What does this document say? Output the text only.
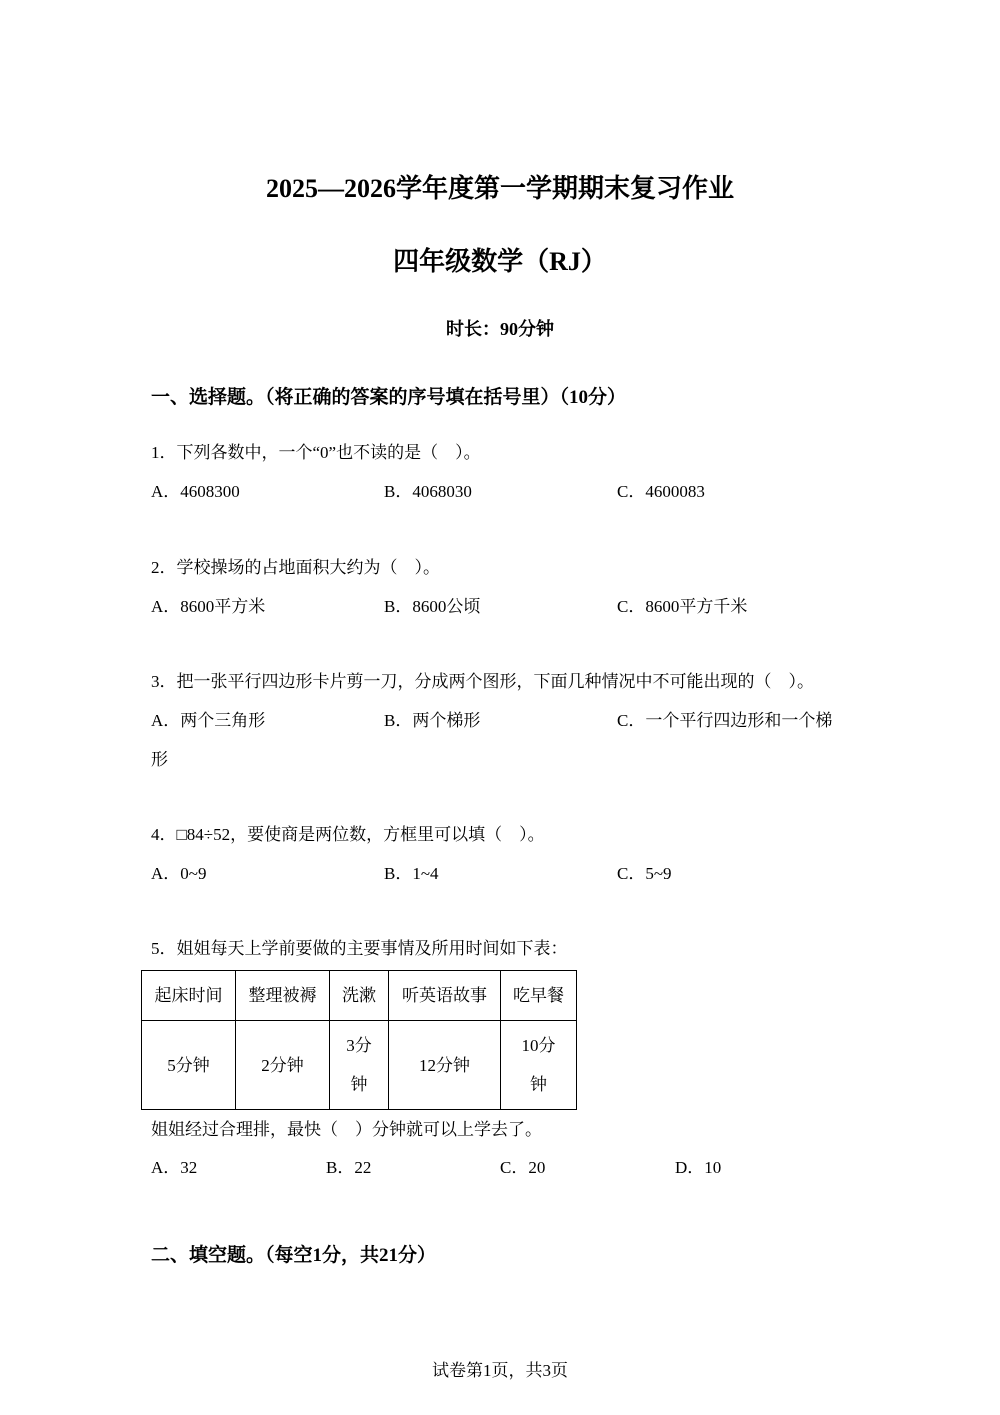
2025—2026学年度第一学期期末复习作业
四年级数学（RJ）
时长：90分钟
一、选择题。（将正确的答案的序号填在括号里）（10分）
1．下列各数中，一个“0”也不读的是（　）。
A．4608300	B．4068030	C．4600083
2．学校操场的占地面积大约为（　）。
A．8600平方米	B．8600公顷	C．8600平方千米
3．把一张平行四边形卡片剪一刀，分成两个图形，下面几种情况中不可能出现的（　）。
A．两个三角形	B．两个梯形	C．一个平行四边形和一个梯
形
4．□84÷52，要使商是两位数，方框里可以填（　）。
A．0~9	B．1~4	C．5~9
5．姐姐每天上学前要做的主要事情及所用时间如下表：
起床时间	整理被褥	洗漱	听英语故事	吃早餐
5分钟	2分钟	3分钟	12分钟	10分钟
姐姐经过合理排，最快（　）分钟就可以上学去了。
A．32	B．22	C．20	D．10
二、填空题。（每空1分，共21分）
试卷第1页，共3页
